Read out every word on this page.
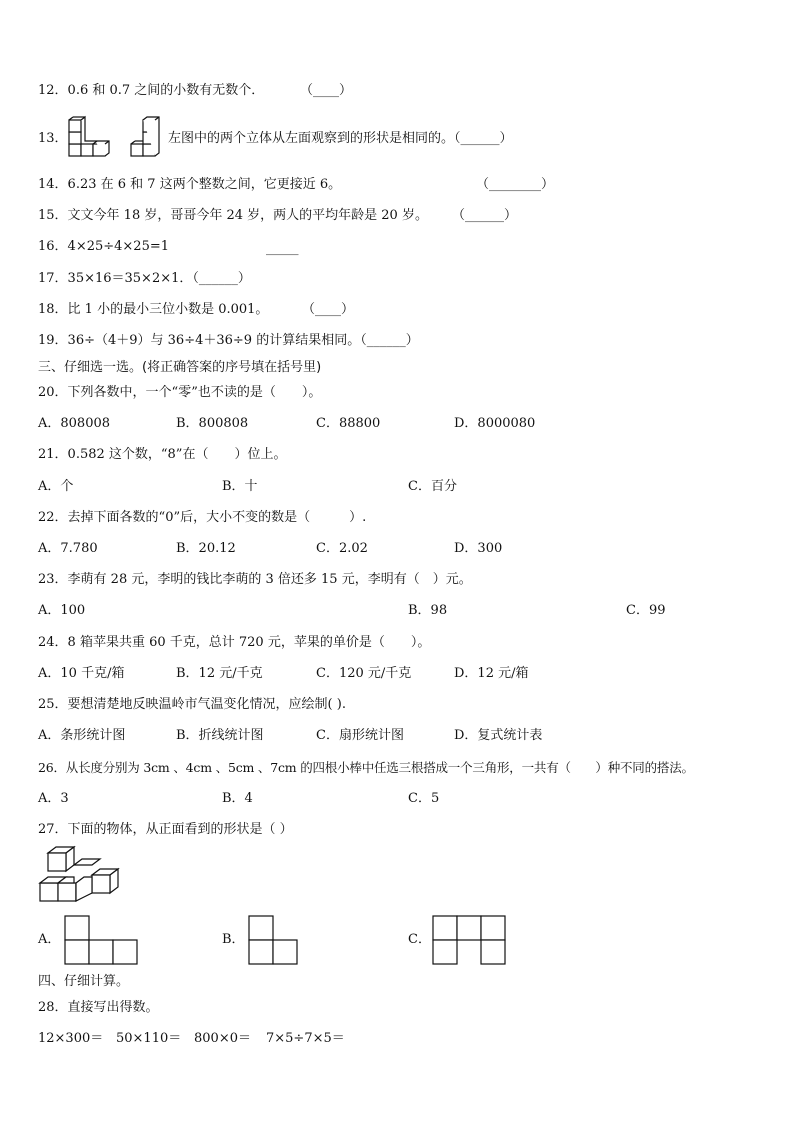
12．0.6 和 0.7 之间的小数有无数个．	（____）
13．	左图中的两个立体从左面观察到的形状是相同的。（______）
14．6.23 在 6 和 7 这两个整数之间，它更接近 6。	（________）
15．文文今年 18 岁，哥哥今年 24 岁，两人的平均年龄是 20 岁。 （______）
16．4×25÷4×25=1	_____
17．35×16＝35×2×1．（______）
18．比 1 小的最小三位小数是 0.001。	（____）
19．36÷（4＋9）与 36÷4＋36÷9 的计算结果相同。（______）
三、仔细选一选。(将正确答案的序号填在括号里)
20．下列各数中，一个“零”也不读的是（　　）。
A．808008	B．800808	C．88800	D．8000080
21．0.582 这个数，“8”在（　　）位上。
A．个	B．十	C．百分
22．去掉下面各数的“0”后，大小不变的数是（　　　）.
A．7.780	B．20.12	C．2.02	D．300
23．李萌有 28 元，李明的钱比李萌的 3 倍还多 15 元，李明有（　）元。
A．100	B．98	C．99
24．8 箱苹果共重 60 千克，总计 720 元，苹果的单价是（　　）。
A．10 千克/箱	B．12 元/千克	C．120 元/千克	D．12 元/箱
25．要想清楚地反映温岭市气温变化情况，应绘制( ).
A．条形统计图	B．折线统计图	C．扇形统计图	D．复式统计表
26．从长度分别为 3cm 、4cm 、5cm 、7cm 的四根小棒中任选三根搭成一个三角形，一共有（　　）种不同的搭法。
A．3	B．4	C．5
27．下面的物体，从正面看到的形状是（ ）
A．	B．	C．
四、仔细计算。
28．直接写出得数。
12×300＝ 50×110＝ 800×0＝ 7×5÷7×5＝
